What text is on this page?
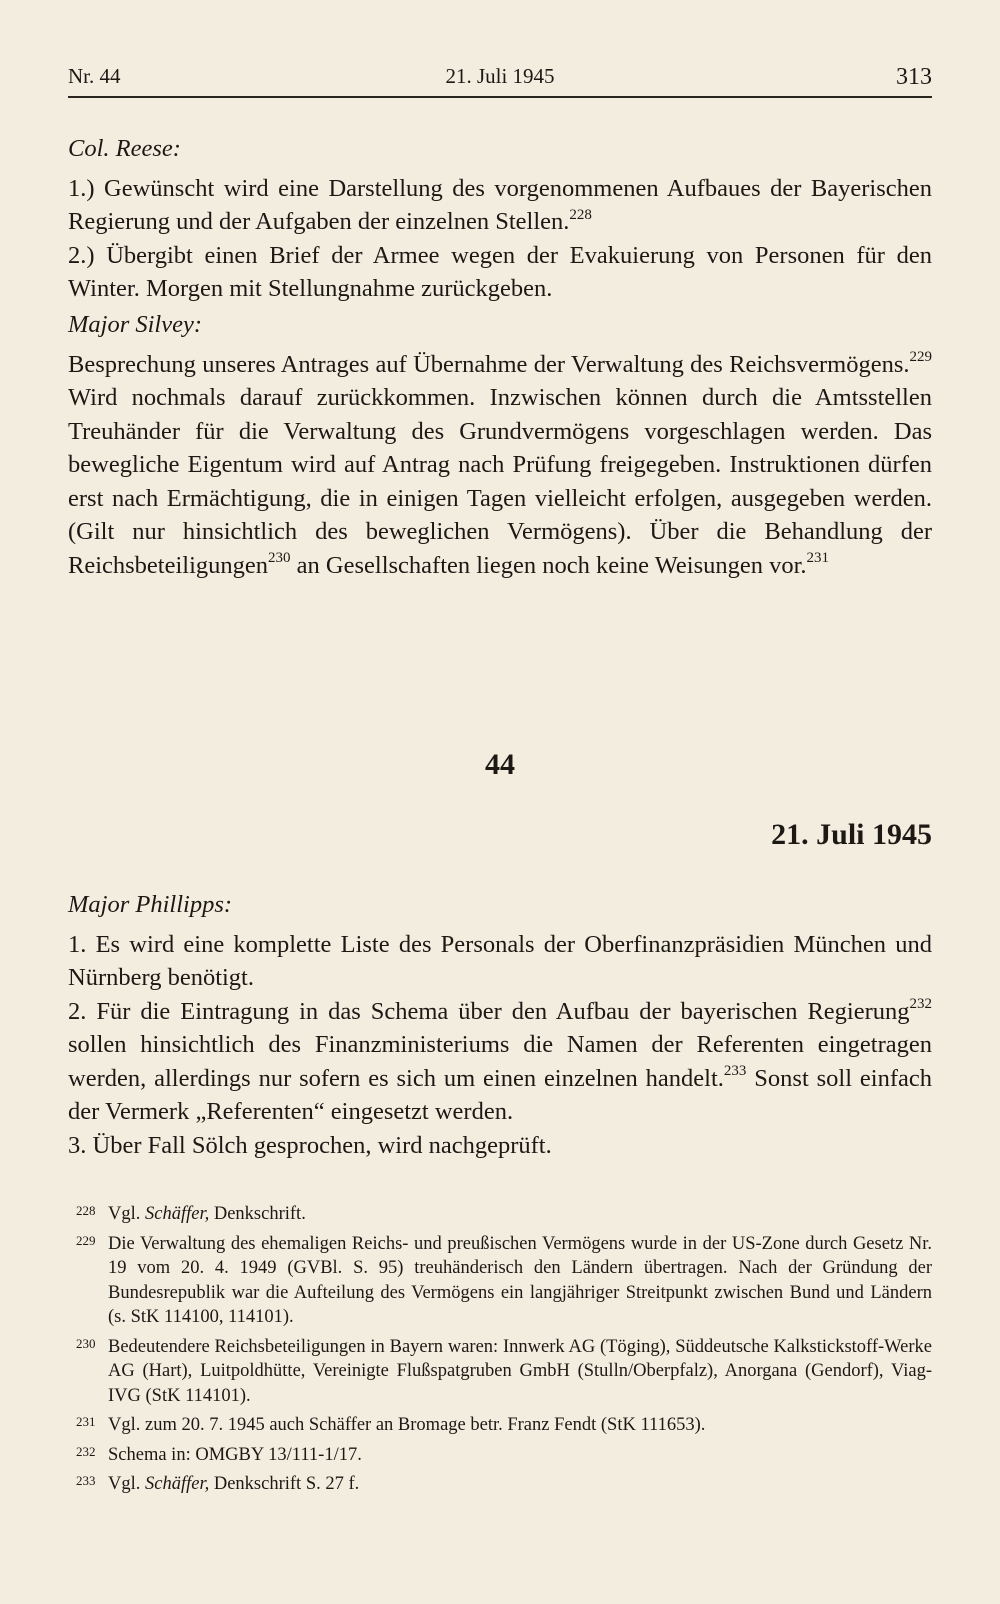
Nr. 44	21. Juli 1945	313

Col. Reese:

1.) Gewünscht wird eine Darstellung des vorgenommenen Aufbaues der Bayerischen Regierung und der Aufgaben der einzelnen Stellen.$^{228}$

2.) Übergibt einen Brief der Armee wegen der Evakuierung von Personen für den Winter. Morgen mit Stellungnahme zurückgeben.

Major Silvey:

Besprechung unseres Antrages auf Übernahme der Verwaltung des Reichsvermögens.$^{229}$ Wird nochmals darauf zurückkommen. Inzwischen können durch die Amtsstellen Treuhänder für die Verwaltung des Grundvermögens vorgeschlagen werden. Das bewegliche Eigentum wird auf Antrag nach Prüfung freigegeben. Instruktionen dürfen erst nach Ermächtigung, die in einigen Tagen vielleicht erfolgen, ausgegeben werden. (Gilt nur hinsichtlich des beweglichen Vermögens). Über die Behandlung der Reichsbeteiligungen$^{230}$ an Gesellschaften liegen noch keine Weisungen vor.$^{231}$

44
21. Juli 1945

Major Phillipps:

1. Es wird eine komplette Liste des Personals der Oberfinanzpräsidien München und Nürnberg benötigt.

2. Für die Eintragung in das Schema über den Aufbau der bayerischen Regierung$^{232}$ sollen hinsichtlich des Finanzministeriums die Namen der Referenten eingetragen werden, allerdings nur sofern es sich um einen einzelnen handelt.$^{233}$ Sonst soll einfach der Vermerk „Referenten“ eingesetzt werden.

3. Über Fall Sölch gesprochen, wird nachgeprüft.

228 Vgl. Schäffer, Denkschrift.
229 Die Verwaltung des ehemaligen Reichs- und preußischen Vermögens wurde in der US-Zone durch Gesetz Nr. 19 vom 20. 4. 1949 (GVBl. S. 95) treuhänderisch den Ländern übertragen. Nach der Gründung der Bundesrepublik war die Aufteilung des Vermögens ein langjähriger Streitpunkt zwischen Bund und Ländern (s. StK 114100, 114101).
230 Bedeutendere Reichsbeteiligungen in Bayern waren: Innwerk AG (Töging), Süddeutsche Kalkstickstoff-Werke AG (Hart), Luitpoldhütte, Vereinigte Flußspatgruben GmbH (Stulln/Oberpfalz), Anorgana (Gendorf), Viag-IVG (StK 114101).
231 Vgl. zum 20. 7. 1945 auch Schäffer an Bromage betr. Franz Fendt (StK 111653).
232 Schema in: OMGBY 13/111-1/17.
233 Vgl. Schäffer, Denkschrift S. 27 f.
